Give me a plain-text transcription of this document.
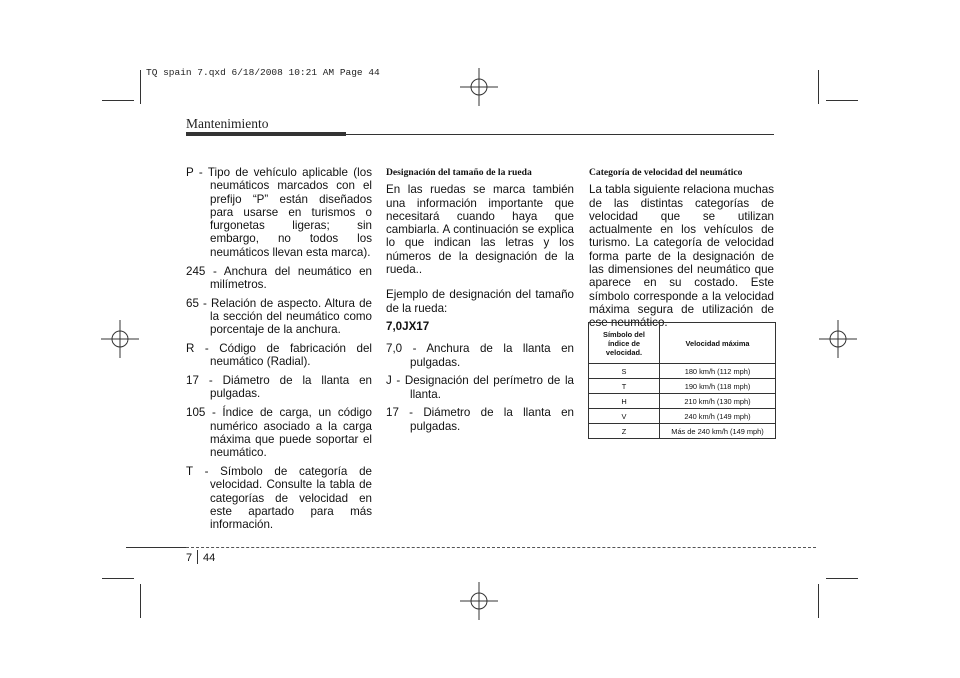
TQ spain 7.qxd 6/18/2008 10:21 AM Page 44
Mantenimiento

P - Tipo de vehículo aplicable (los neumáticos marcados con el prefijo “P” están diseñados para usarse en turismos o furgonetas ligeras; sin embargo, no todos los neumáticos llevan esta marca).

245 - Anchura del neumático en milímetros.

65 - Relación de aspecto. Altura de la sección del neumático como porcentaje de la anchura.

R - Código de fabricación del neumático (Radial).

17 - Diámetro de la llanta en pulgadas.

105 - Índice de carga, un código numérico asociado a la carga máxima que puede soportar el neumático.

T - Símbolo de categoría de velocidad. Consulte la tabla de categorías de velocidad en este apartado para más información.

Designación del tamaño de la rueda

En las ruedas se marca también una información importante que necesitará cuando haya que cambiarla. A continuación se explica lo que indican las letras y los números de la designación de la rueda..

Ejemplo de designación del tamaño de la rueda:

7,0JX17

7,0 - Anchura de la llanta en pulgadas.

J - Designación del perímetro de la llanta.

17 - Diámetro de la llanta en pulgadas.

Categoría de velocidad del neumático

La tabla siguiente relaciona muchas de las distintas categorías de velocidad que se utilizan actualmente en los vehículos de turismo. La categoría de velocidad forma parte de la designación de las dimensiones del neumático que aparece en su costado. Este símbolo corresponde a la velocidad máxima segura de utilización de ese neumático.

Símbolo del índice de velocidad.	Velocidad máxima
S	180 km/h (112 mph)
T	190 km/h (118 mph)
H	210 km/h (130 mph)
V	240 km/h (149 mph)
Z	Más de 240 km/h (149 mph)
7 44
